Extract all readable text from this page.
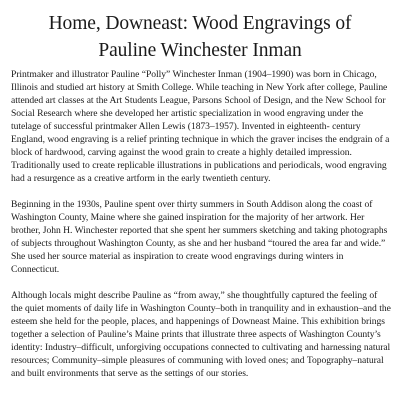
Home, Downeast: Wood Engravings of
Pauline Winchester Inman

Printmaker and illustrator Pauline “Polly” Winchester Inman (1904–1990) was born in Chicago, Illinois and studied art history at Smith College. While teaching in New York after college, Pauline attended art classes at the Art Students League, Parsons School of Design, and the New School for Social Research where she developed her artistic specialization in wood engraving under the tutelage of successful printmaker Allen Lewis (1873–1957). Invented in eighteenth- century England, wood engraving is a relief printing technique in which the graver incises the endgrain of a block of hardwood, carving against the wood grain to create a highly detailed impression. Traditionally used to create replicable illustrations in publications and periodicals, wood engraving had a resurgence as a creative artform in the early twentieth century.

Beginning in the 1930s, Pauline spent over thirty summers in South Addison along the coast of Washington County, Maine where she gained inspiration for the majority of her artwork. Her brother, John H. Winchester reported that she spent her summers sketching and taking photographs of subjects throughout Washington County, as she and her husband “toured the area far and wide.” She used her source material as inspiration to create wood engravings during winters in Connecticut.

Although locals might describe Pauline as “from away,” she thoughtfully captured the feeling of the quiet moments of daily life in Washington County–both in tranquility and in exhaustion–and the esteem she held for the people, places, and happenings of Downeast Maine. This exhibition brings together a selection of Pauline’s Maine prints that illustrate three aspects of Washington County’s identity: Industry–difficult, unforgiving occupations connected to cultivating and harnessing natural resources; Community–simple pleasures of communing with loved ones; and Topography–natural and built environments that serve as the settings of our stories.
